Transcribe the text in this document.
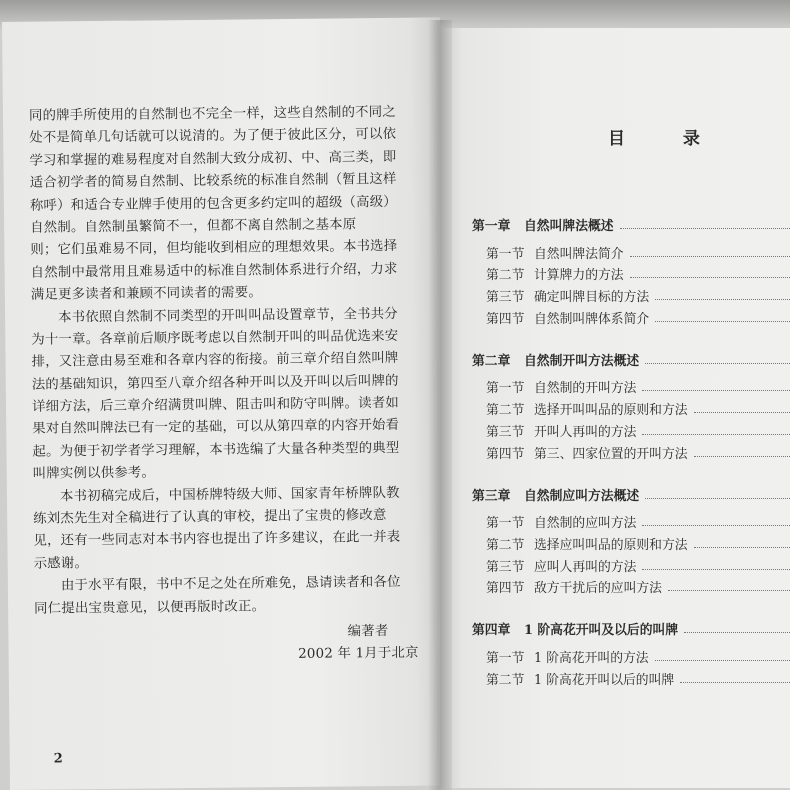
同的牌手所使用的自然制也不完全一样，这些自然制的不同之
处不是简单几句话就可以说清的。为了便于彼此区分，可以依
学习和掌握的难易程度对自然制大致分成初、中、高三类，即
适合初学者的简易自然制、比较系统的标准自然制（暂且这样
称呼）和适合专业牌手使用的包含更多约定叫的超级（高级）
自然制。自然制虽繁简不一，但都不离自然制之基本原
则；它们虽难易不同，但均能收到相应的理想效果。本书选择
自然制中最常用且难易适中的标准自然制体系进行介绍，力求
满足更多读者和兼顾不同读者的需要。
本书依照自然制不同类型的开叫叫品设置章节，全书共分
为十一章。各章前后顺序既考虑以自然制开叫的叫品优选来安
排，又注意由易至难和各章内容的衔接。前三章介绍自然叫牌
法的基础知识，第四至八章介绍各种开叫以及开叫以后叫牌的
详细方法，后三章介绍满贯叫牌、阻击叫和防守叫牌。读者如
果对自然叫牌法已有一定的基础，可以从第四章的内容开始看
起。为便于初学者学习理解，本书选编了大量各种类型的典型
叫牌实例以供参考。
本书初稿完成后，中国桥牌特级大师、国家青年桥牌队教
练刘杰先生对全稿进行了认真的审校，提出了宝贵的修改意
见，还有一些同志对本书内容也提出了许多建议，在此一并表
示感谢。
由于水平有限，书中不足之处在所难免，恳请读者和各位
同仁提出宝贵意见，以便再版时改正。
编著者
2002 年 1月于北京
2
目 录
第一章	自然叫牌法概述
第一节 自然叫牌法简介
第二节 计算牌力的方法
第三节 确定叫牌目标的方法
第四节 自然制叫牌体系简介
第二章	自然制开叫方法概述
第一节 自然制的开叫方法
第二节 选择开叫叫品的原则和方法
第三节 开叫人再叫的方法
第四节 第三、四家位置的开叫方法
第三章	自然制应叫方法概述
第一节 自然制的应叫方法
第二节 选择应叫叫品的原则和方法
第三节 应叫人再叫的方法
第四节 敌方干扰后的应叫方法
第四章	1 阶高花开叫及以后的叫牌
第一节 1 阶高花开叫的方法
第二节 1 阶高花开叫以后的叫牌
